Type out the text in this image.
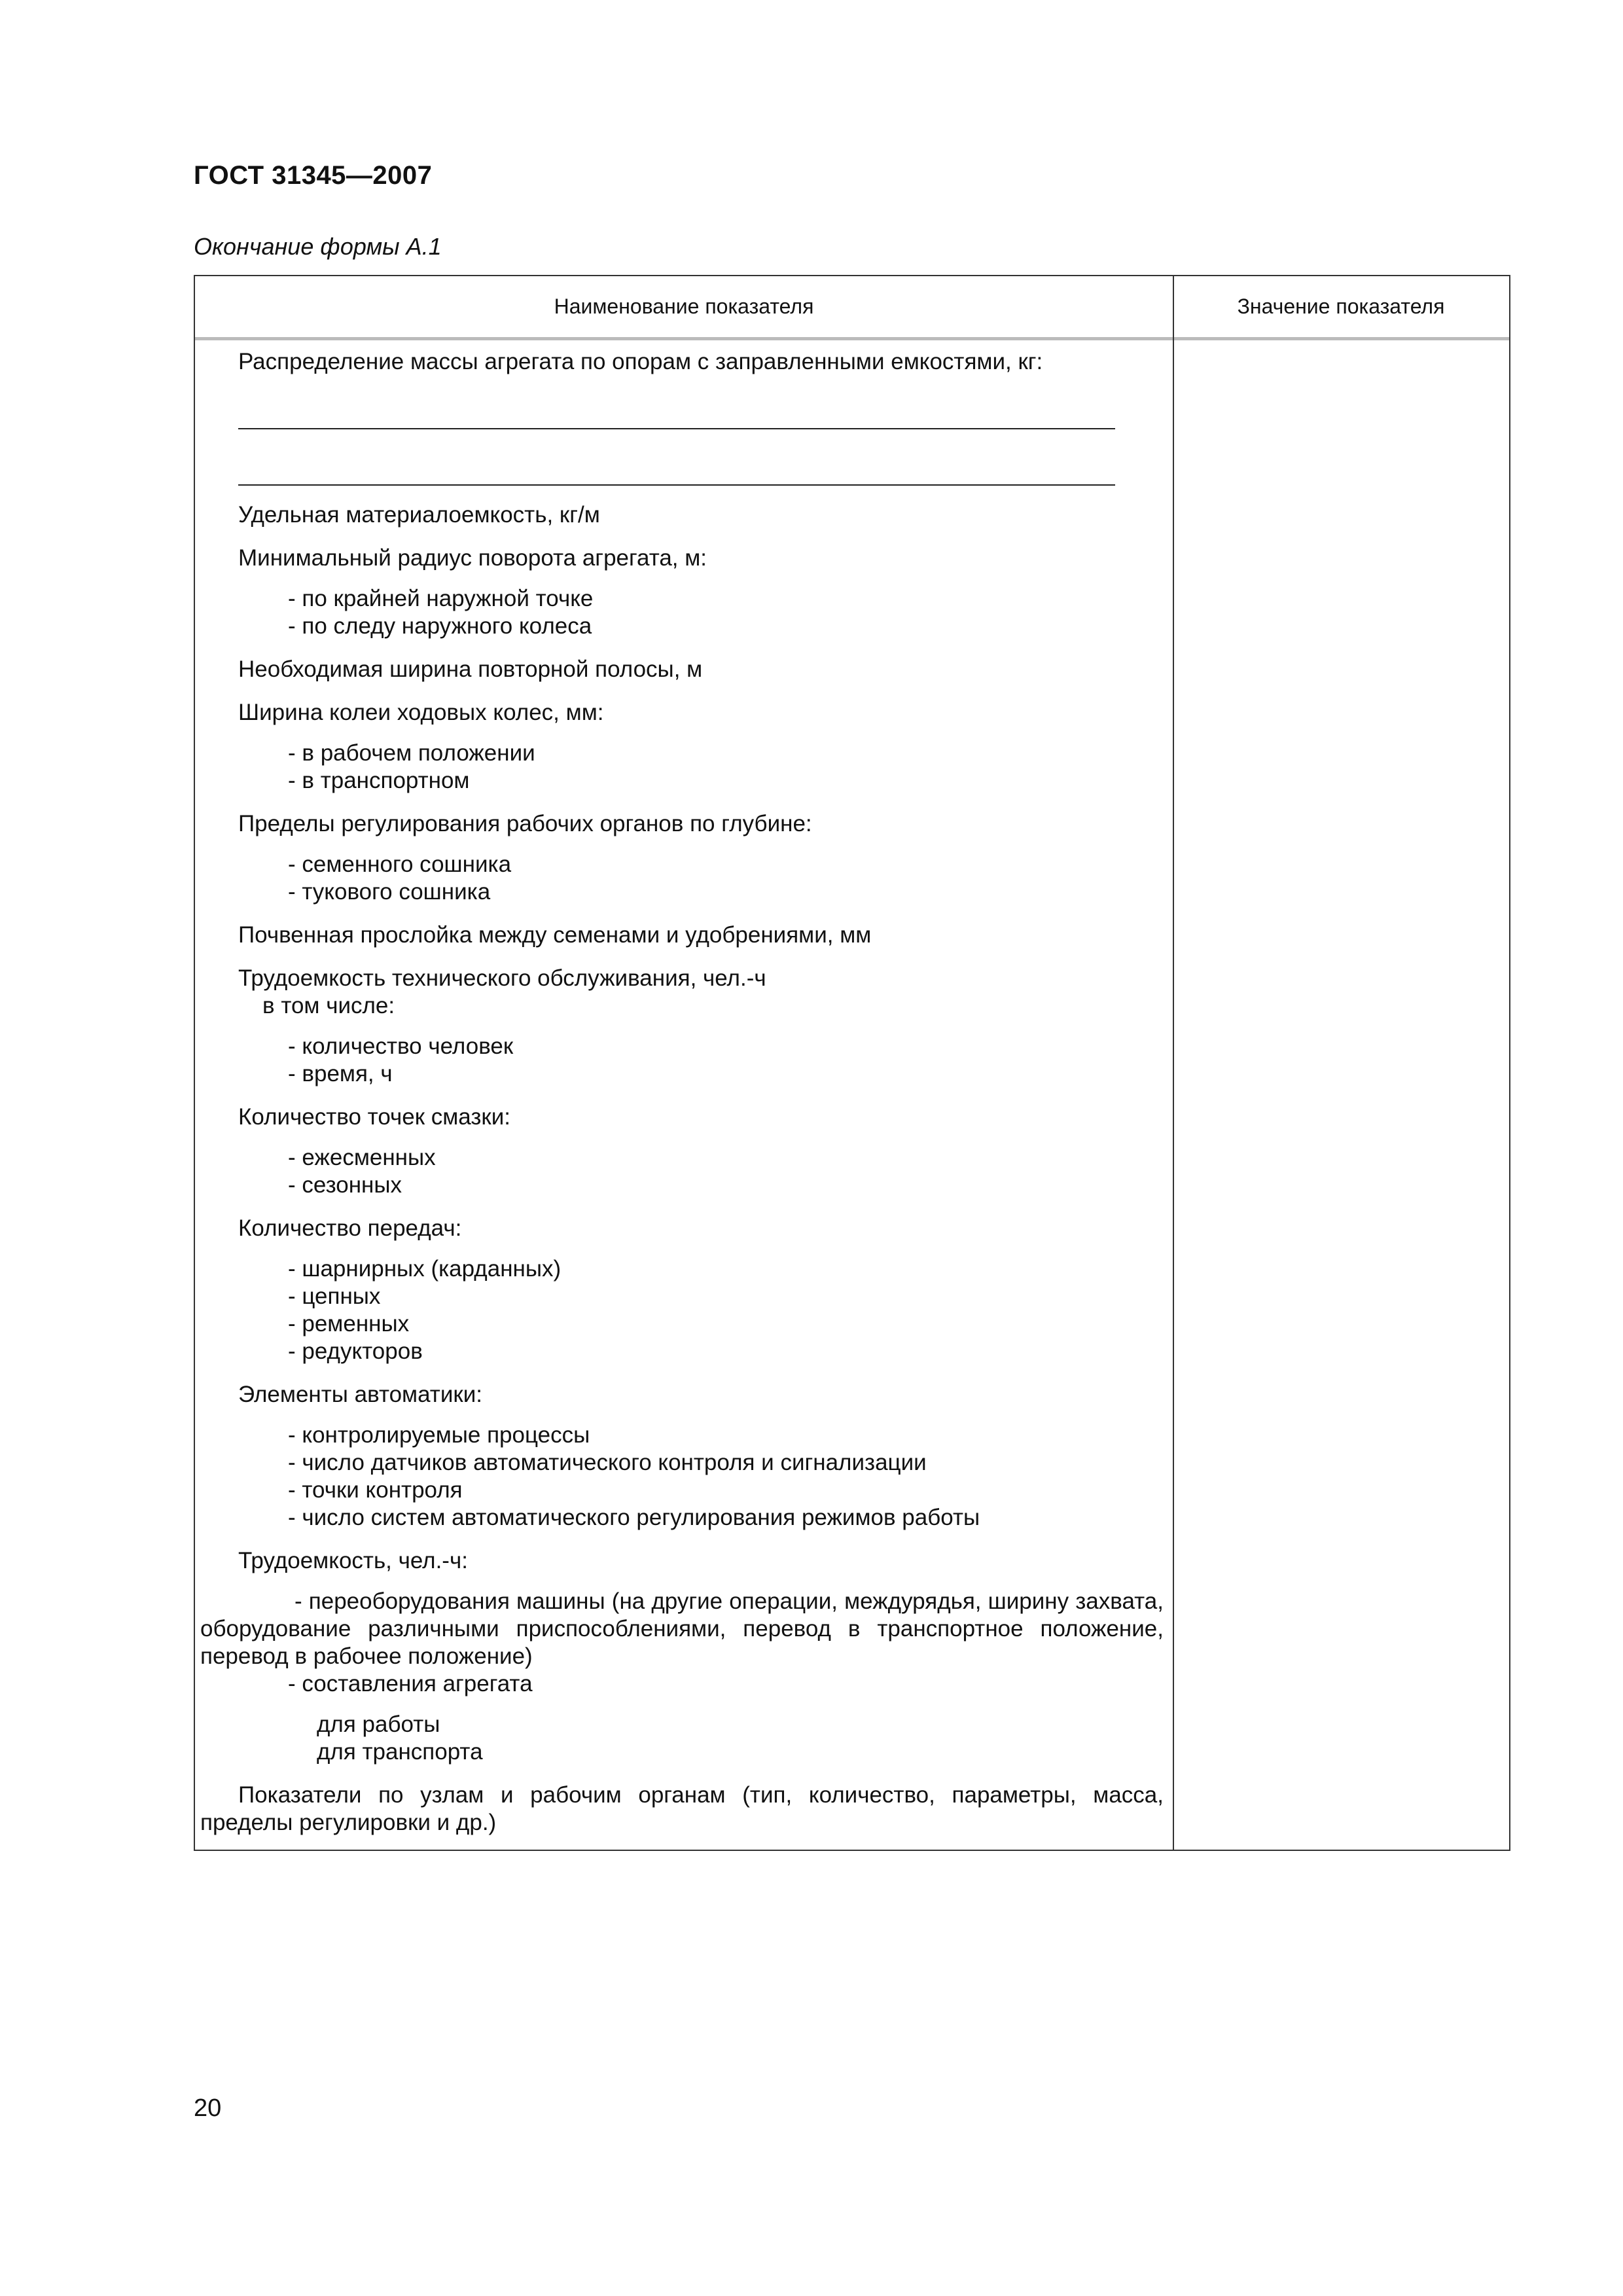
ГОСТ 31345—2007
Окончание формы А.1
Наименование показателя	Значение показателя

Распределение массы агрегата по опорам с заправленными емкостями, кг:

Удельная материалоемкость, кг/м

Минимальный радиус поворота агрегата, м:

- по крайней наружной точке

- по следу наружного колеса

Необходимая ширина повторной полосы, м

Ширина колеи ходовых колес, мм:

- в рабочем положении

- в транспортном

Пределы регулирования рабочих органов по глубине:

- семенного сошника

- тукового сошника

Почвенная прослойка между семенами и удобрениями, мм

Трудоемкость технического обслуживания, чел.-ч

в том числе:

- количество человек

- время, ч

Количество точек смазки:

- ежесменных

- сезонных

Количество передач:

- шарнирных (карданных)

- цепных

- ременных

- редукторов

Элементы автоматики:

- контролируемые процессы

- число датчиков автоматического контроля и сигнализации

- точки контроля

- число систем автоматического регулирования режимов работы

Трудоемкость, чел.-ч:

- переоборудования машины (на другие операции, междурядья, ширину захвата, оборудование различными приспособлениями, перевод в транспортное положение, перевод в рабочее положение)

- составления агрегата

для работы

для транспорта

Показатели по узлам и рабочим органам (тип, количество, параметры, масса, пределы регулировки и др.)

20
